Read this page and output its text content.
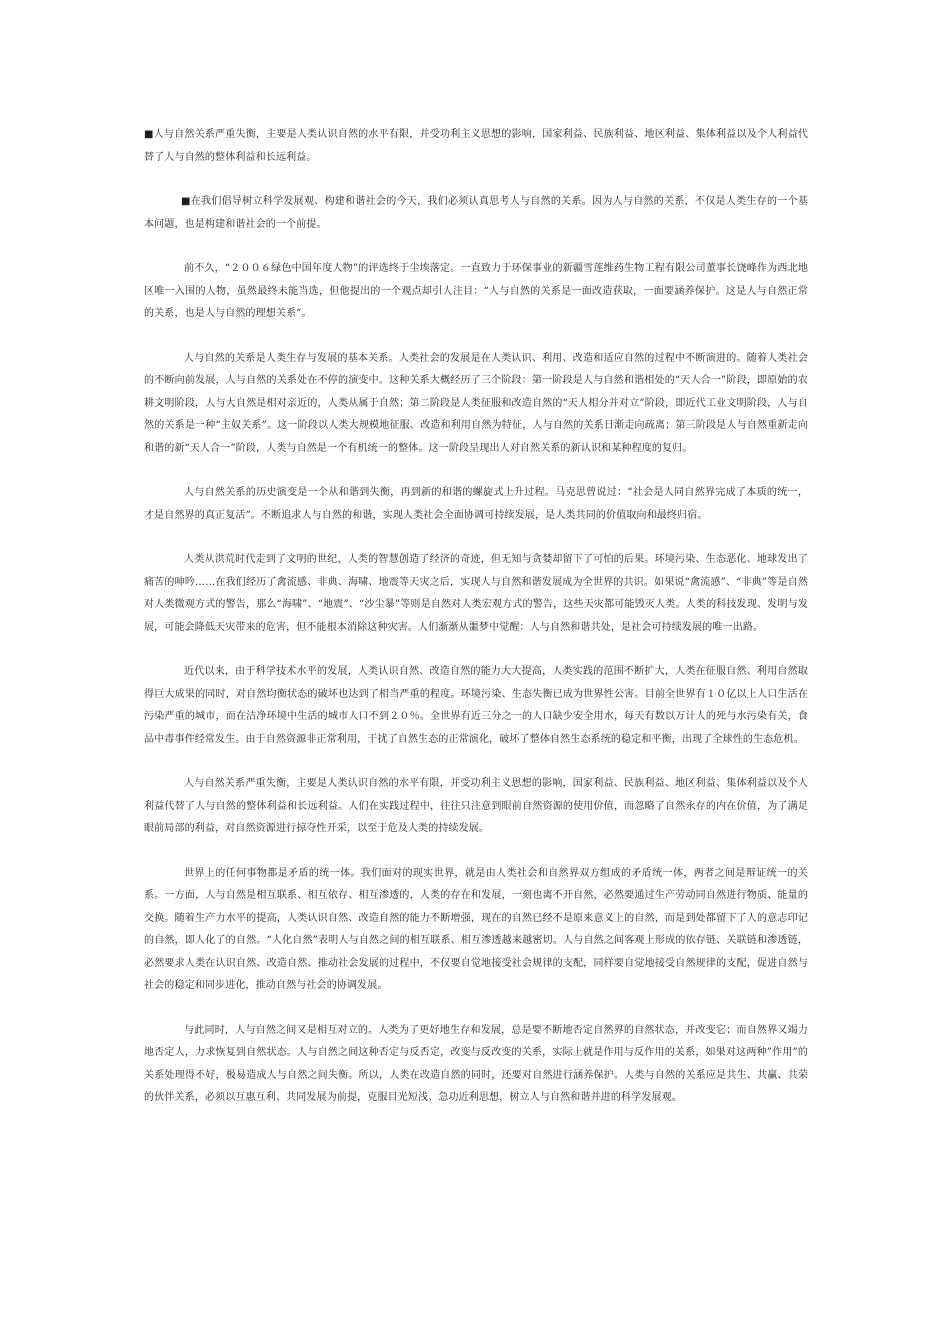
■人与自然关系严重失衡，主要是人类认识自然的水平有限，并受功利主义思想的影响，国家利益、民族利益、地区利益、集体利益以及个人利益代替了人与自然的整体利益和长远利益。

■在我们倡导树立科学发展观、构建和谐社会的今天，我们必须认真思考人与自然的关系。因为人与自然的关系，不仅是人类生存的一个基本问题，也是构建和谐社会的一个前提。

前不久，“２００６绿色中国年度人物”的评选终于尘埃落定。一直致力于环保事业的新疆雪莲维药生物工程有限公司董事长饶峰作为西北地区唯一入围的人物，虽然最终未能当选，但他提出的一个观点却引人注目：“人与自然的关系是一面改造获取，一面要涵养保护。这是人与自然正常的关系，也是人与自然的理想关系”。

人与自然的关系是人类生存与发展的基本关系。人类社会的发展是在人类认识、利用、改造和适应自然的过程中不断演进的。随着人类社会的不断向前发展，人与自然的关系处在不停的演变中。这种关系大概经历了三个阶段：第一阶段是人与自然和谐相处的“天人合一”阶段，即原始的农耕文明阶段，人与大自然是相对亲近的，人类从属于自然；第二阶段是人类征服和改造自然的“天人相分并对立”阶段，即近代工业文明阶段，人与自然的关系是一种“主奴关系”。这一阶段以人类大规模地征服、改造和利用自然为特征，人与自然的关系日渐走向疏离；第三阶段是人与自然重新走向和谐的新“天人合一”阶段，人类与自然是一个有机统一的整体。这一阶段呈现出人对自然关系的新认识和某种程度的复归。

人与自然关系的历史演变是一个从和谐到失衡，再到新的和谐的螺旋式上升过程。马克思曾说过：“社会是人同自然界完成了本质的统一，才是自然界的真正复活”。不断追求人与自然的和谐，实现人类社会全面协调可持续发展，是人类共同的价值取向和最终归宿。

人类从洪荒时代走到了文明的世纪，人类的智慧创造了经济的奇迹，但无知与贪婪却留下了可怕的后果。环境污染、生态恶化、地球发出了痛苦的呻吟……在我们经历了禽流感、非典、海啸、地震等天灾之后，实现人与自然和谐发展成为全世界的共识。如果说“禽流感”、“非典”等是自然对人类微观方式的警告，那么“海啸”、“地震”、“沙尘暴”等则是自然对人类宏观方式的警告，这些天灾都可能毁灭人类。人类的科技发现、发明与发展，可能会降低天灾带来的危害，但不能根本消除这种灾害。人们渐渐从噩梦中觉醒：人与自然和谐共处，是社会可持续发展的唯一出路。

近代以来，由于科学技术水平的发展，人类认识自然、改造自然的能力大大提高，人类实践的范围不断扩大，人类在征服自然、利用自然取得巨大成果的同时，对自然均衡状态的破坏也达到了相当严重的程度。环境污染、生态失衡已成为世界性公害。目前全世界有１０亿以上人口生活在污染严重的城市，而在洁净环境中生活的城市人口不到２０％。全世界有近三分之一的人口缺少安全用水，每天有数以万计人的死与水污染有关，食品中毒事件经常发生。由于自然资源非正常利用，干扰了自然生态的正常演化，破坏了整体自然生态系统的稳定和平衡，出现了全球性的生态危机。

人与自然关系严重失衡，主要是人类认识自然的水平有限，并受功利主义思想的影响，国家利益、民族利益、地区利益、集体利益以及个人利益代替了人与自然的整体利益和长远利益。人们在实践过程中，往往只注意到眼前自然资源的使用价值，而忽略了自然永存的内在价值，为了满足眼前局部的利益，对自然资源进行掠夺性开采，以至于危及人类的持续发展。

世界上的任何事物都是矛盾的统一体。我们面对的现实世界，就是由人类社会和自然界双方组成的矛盾统一体，两者之间是辩证统一的关系。一方面，人与自然是相互联系、相互依存、相互渗透的，人类的存在和发展，一刻也离不开自然，必然要通过生产劳动同自然进行物质、能量的交换。随着生产力水平的提高，人类认识自然、改造自然的能力不断增强，现在的自然已经不是原来意义上的自然，而是到处都留下了人的意志印记的自然，即人化了的自然。“人化自然”表明人与自然之间的相互联系、相互渗透越来越密切。人与自然之间客观上形成的依存链、关联链和渗透链，必然要求人类在认识自然、改造自然、推动社会发展的过程中，不仅要自觉地接受社会规律的支配，同样要自觉地接受自然规律的支配，促进自然与社会的稳定和同步进化，推动自然与社会的协调发展。

与此同时，人与自然之间又是相互对立的。人类为了更好地生存和发展，总是要不断地否定自然界的自然状态，并改变它；而自然界又竭力地否定人，力求恢复到自然状态。人与自然之间这种否定与反否定，改变与反改变的关系，实际上就是作用与反作用的关系，如果对这两种”作用”的关系处理得不好，极易造成人与自然之间失衡。所以，人类在改造自然的同时，还要对自然进行涵养保护。人类与自然的关系应是共生、共赢、共荣的伙伴关系，必须以互惠互利、共同发展为前提，克服目光短浅、急功近利思想，树立人与自然和谐并进的科学发展观。
